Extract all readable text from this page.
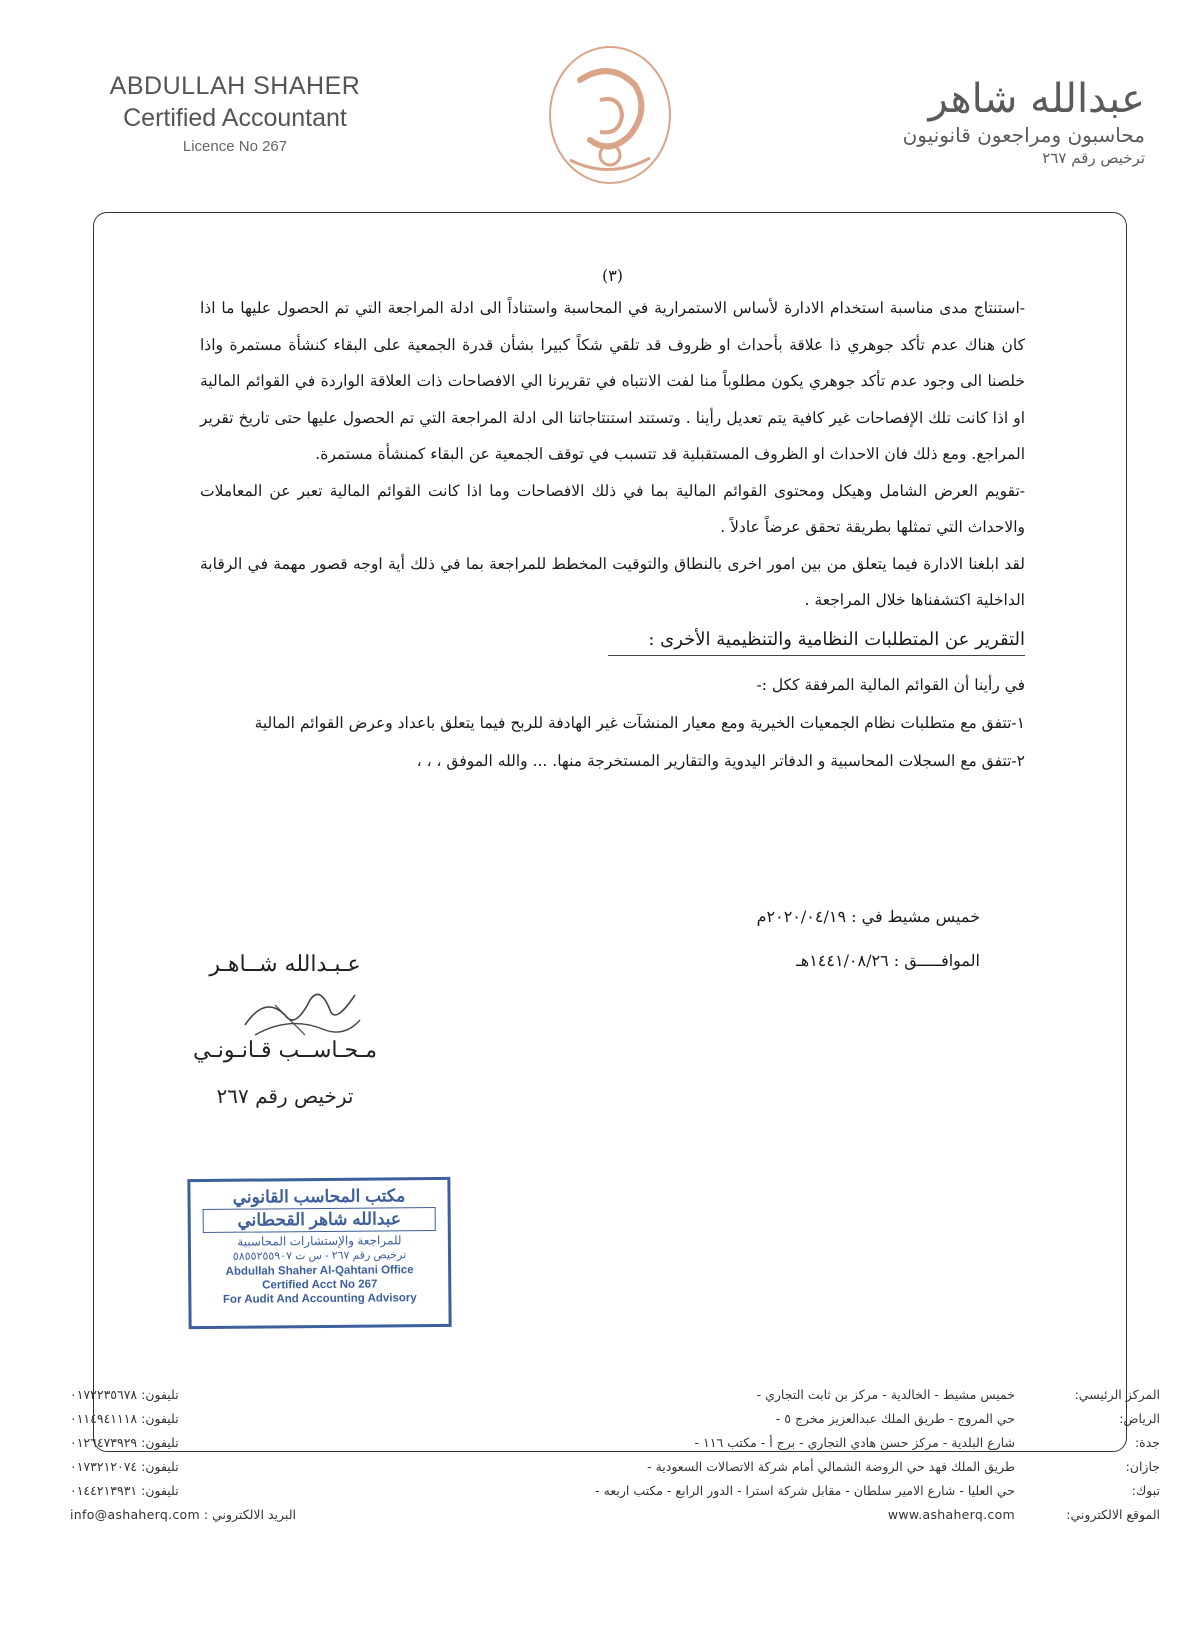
ABDULLAH SHAHER
Certified Accountant
Licence No 267
عبدالله شاهر
محاسبون ومراجعون قانونيون
ترخيص رقم ٢٦٧
(٣)

-استنتاج مدى مناسبة استخدام الادارة لأساس الاستمرارية في المحاسبة واستناداً الى ادلة المراجعة التي تم الحصول عليها ما اذا كان هناك عدم تأكد جوهري ذا علاقة بأحداث او ظروف قد تلقي شكاً كبيرا بشأن قدرة الجمعية على البقاء كنشأة مستمرة واذا خلصنا الى وجود عدم تأكد جوهري يكون مطلوباً منا لفت الانتباه في تقريرنا الي الافصاحات ذات العلاقة الواردة في القوائم المالية او اذا كانت تلك الإفصاحات غير كافية يتم تعديل رأينا . وتستند استنتاجاتنا الى ادلة المراجعة التي تم الحصول عليها حتى تاريخ تقرير المراجع. ومع ذلك فان الاحداث او الظروف المستقبلية قد تتسبب في توقف الجمعية عن البقاء كمنشأة مستمرة.

-تقويم العرض الشامل وهيكل ومحتوى القوائم المالية بما في ذلك الافصاحات وما اذا كانت القوائم المالية تعبر عن المعاملات والاحداث التي تمثلها بطريقة تحقق عرضاً عادلاً .

لقد ابلغنا الادارة فيما يتعلق من بين امور اخرى بالنطاق والتوقيت المخطط للمراجعة بما في ذلك أية اوجه قصور مهمة في الرقابة الداخلية اكتشفناها خلال المراجعة .

التقرير عن المتطلبات النظامية والتنظيمية الأخرى :

في رأينا أن القوائم المالية المرفقة ككل :-

١-تتفق مع متطلبات نظام الجمعيات الخيرية ومع معيار المنشآت غير الهادفة للربح فيما يتعلق باعداد وعرض القوائم المالية

٢-تتفق مع السجلات المحاسبية و الدفاتر اليدوية والتقارير المستخرجة منها. ... والله الموفق ، ، ،

خميس مشيط في : ٢٠٢٠/٠٤/١٩م
الموافـــــق : ١٤٤١/٠٨/٢٦هـ
عـبـدالله شــاهـر
مـحـاســب قـانـونـي
ترخيص رقم ٢٦٧
مكتب المحاسب القانوني
عبدالله شاهر القحطاني
للمراجعة والإستشارات المحاسبية
ترخيص رقم ٢٦٧ - س ت ٥٨٥٥٢٥٥٩٠٧
Abdullah Shaher Al-Qahtani Office
Certified Acct No 267
For Audit And Accounting Advisory
المركز الرئيسي:
خميس مشيط - الخالدية - مركز بن ثابت التجاري -
تليفون: ٠١٧٢٢٣٥٦٧٨
الرياض:
حي المروج - طريق الملك عبدالعزيز مخرج ٥ -
تليفون: ٠١١٤٩٤١١١٨
جدة:
شارع البلدية - مركز حسن هادي التجاري - برج أ - مكتب ١١٦ -
تليفون: ٠١٢٦٤٧٣٩٢٩
جازان:
طريق الملك فهد حي الروضة الشمالي أمام شركة الاتصالات السعودية -
تليفون: ٠١٧٣٢١٢٠٧٤
تبوك:
حي العليا - شارع الامير سلطان - مقابل شركة استرا - الدور الرابع - مكتب اربعه -
تليفون: ٠١٤٤٢١٣٩٣١
الموقع الالكتروني:
www.ashaherq.com
البريد الالكتروني : info@ashaherq.com
